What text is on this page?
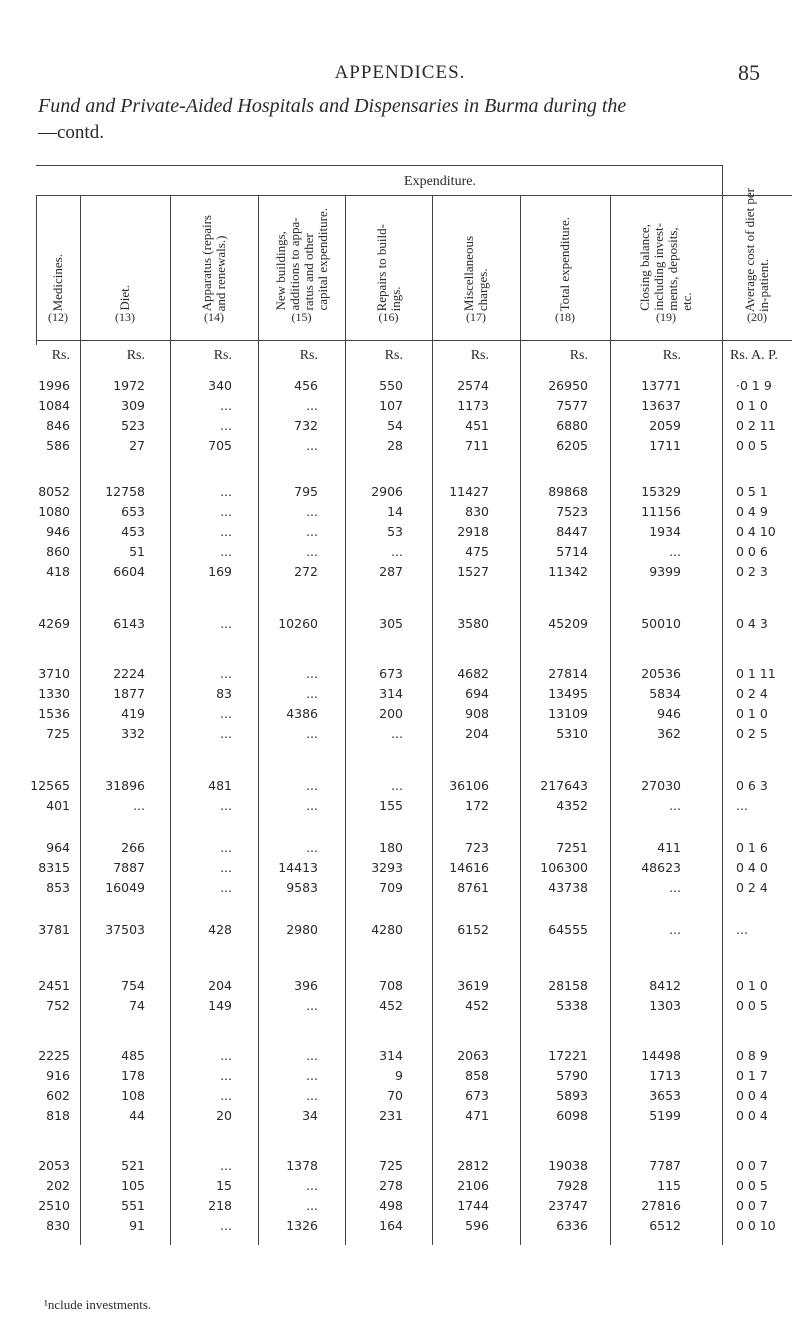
APPENDICES.	85
Fund and Private-Aided Hospitals and Dispensaries in Burma during the
—contd.
Expenditure.
Medicines.
(12)
Diet.
(13)
Apparatus (repairs
and renewals.)
(14)
New buildings,
additions to appa-
ratus and other
capital expenditure.
(15)
Repairs to build-
ings.
(16)
Miscellaneous
charges.
(17)
Total expenditure.
(18)
Closing balance,
including invest-
ments, deposits,
etc.
(19)
Average cost of diet per
in-patient.
(20)
Rs.	Rs.	Rs.	Rs.	Rs.	Rs.	Rs.	Rs.	Rs. A. P.
1996	1972	340	456	550	2574	26950	13771	·0 1 9
1084	309	...	...	107	1173	7577	13637	0 1 0
846	523	...	732	54	451	6880	2059	0 2 11
586	27	705	...	28	711	6205	1711	0 0 5
8052	12758	...	795	2906	11427	89868	15329	0 5 1
1080	653	...	...	14	830	7523	11156	0 4 9
946	453	...	...	53	2918	8447	1934	0 4 10
860	51	...	...	...	475	5714	...	0 0 6
418	6604	169	272	287	1527	11342	9399	0 2 3
4269	6143	...	10260	305	3580	45209	50010	0 4 3
3710	2224	...	...	673	4682	27814	20536	0 1 11
1330	1877	83	...	314	694	13495	5834	0 2 4
1536	419	...	4386	200	908	13109	946	0 1 0
725	332	...	...	...	204	5310	362	0 2 5
12565	31896	481	...	...	36106	217643	27030	0 6 3
401	...	...	...	155	172	4352	...	...
964	266	...	...	180	723	7251	411	0 1 6
8315	7887	...	14413	3293	14616	106300	48623	0 4 0
853	16049	...	9583	709	8761	43738	...	0 2 4
3781	37503	428	2980	4280	6152	64555	...	...
2451	754	204	396	708	3619	28158	8412	0 1 0
752	74	149	...	452	452	5338	1303	0 0 5
2225	485	...	...	314	2063	17221	14498	0 8 9
916	178	...	...	9	858	5790	1713	0 1 7
602	108	...	...	70	673	5893	3653	0 0 4
818	44	20	34	231	471	6098	5199	0 0 4
2053	521	...	1378	725	2812	19038	7787	0 0 7
202	105	15	...	278	2106	7928	115	0 0 5
2510	551	218	...	498	1744	23747	27816	0 0 7
830	91	...	1326	164	596	6336	6512	0 0 10
¹nclude investments.
